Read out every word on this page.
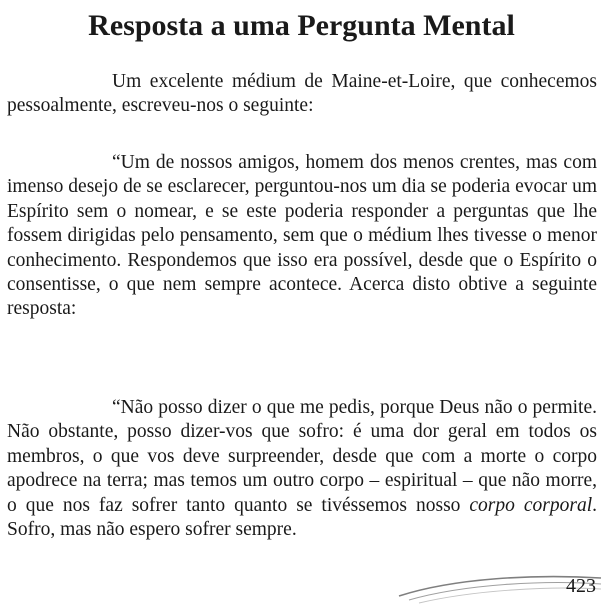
Resposta a uma Pergunta Mental

Um excelente médium de Maine-et-Loire, que conhecemos pessoalmente, escreveu-nos o seguinte:

“Um de nossos amigos, homem dos menos crentes, mas com imenso desejo de se esclarecer, perguntou-nos um dia se poderia evocar um Espírito sem o nomear, e se este poderia responder a perguntas que lhe fossem dirigidas pelo pensamento, sem que o médium lhes tivesse o menor conhecimento. Respondemos que isso era possível, desde que o Espírito o consentisse, o que nem sempre acontece. Acerca disto obtive a seguinte resposta:

“Não posso dizer o que me pedis, porque Deus não o permite. Não obstante, posso dizer-vos que sofro: é uma dor geral em todos os membros, o que vos deve surpreender, desde que com a morte o corpo apodrece na terra; mas temos um outro corpo – espiritual – que não morre, o que nos faz sofrer tanto quanto se tivéssemos nosso corpo corporal. Sofro, mas não espero sofrer sempre.

423
